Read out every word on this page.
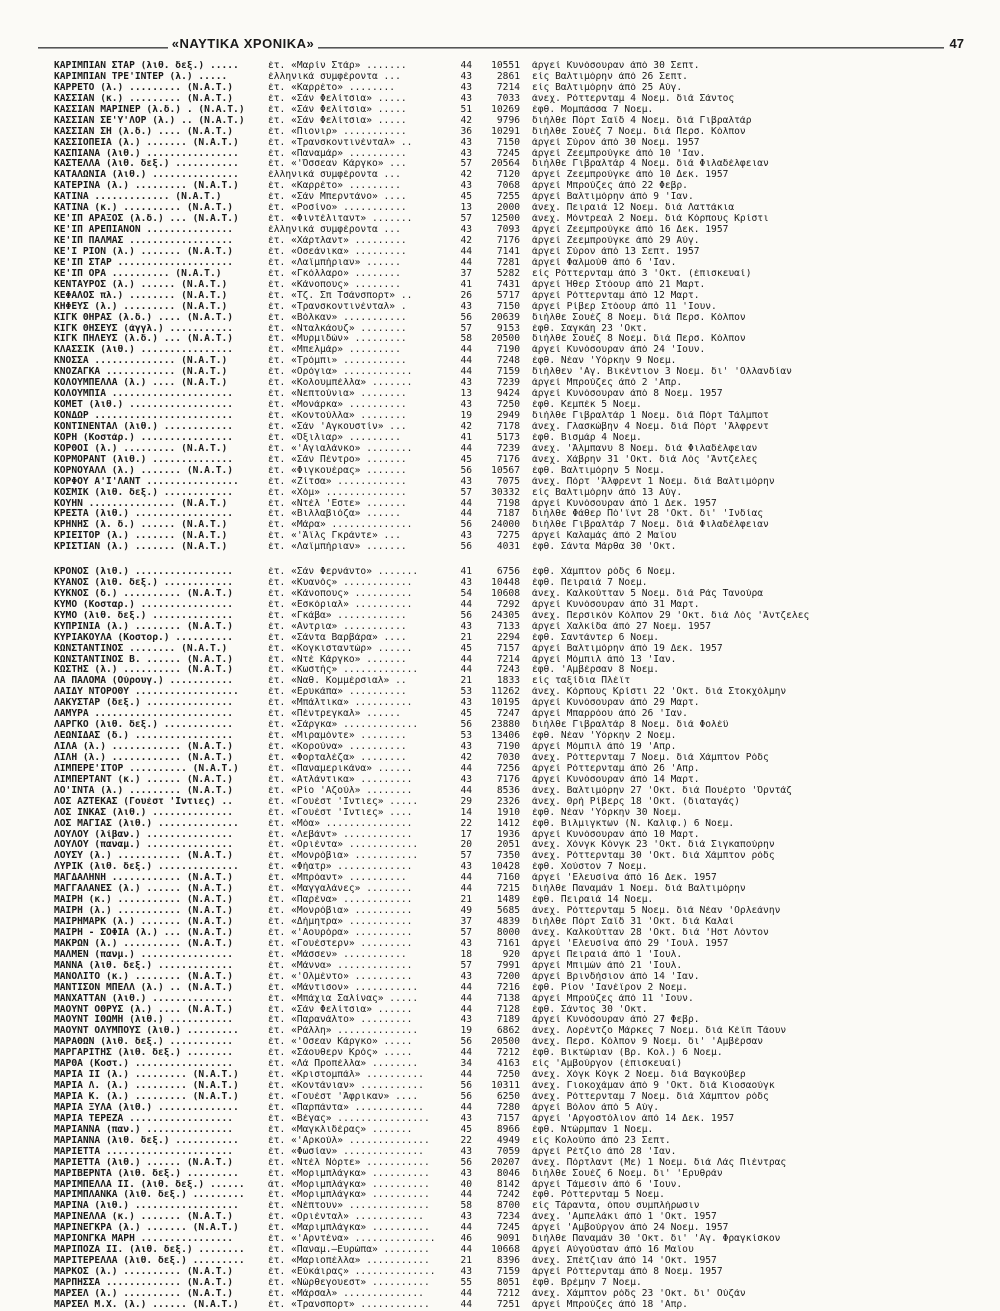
«ΝΑΥΤΙΚΑ ΧΡΟΝΙΚΑ»	47
ΚΑΡΙΜΠΙΑΝ ΣΤΑΡ (λιθ. δεξ.) .....	έτ. «Μαρίν Στάρ» .......	44	10551 άργεί Κυνόσουραν άπό 30 Σεπτ.
ΚΑΡΙΜΠΙΑΝ ΤΡΕ'ΪΝΤΕΡ (λ.) .....	έλληνικά συμφέροντα ...	43	2861 είς Βαλτιμόρην άπό 26 Σεπτ.
ΚΑΡΡΕΤΟ (λ.) ......... (N.A.T.)	έτ. «Καρρέτο» ........	43	7214 είς Βαλτιμόρην άπό 25 Αύγ.
ΚΑΣΣΙΑΝ (κ.) ......... (N.A.T.)	έτ. «Σάν Φελίτσια» .....	43	7033 άνεχ. Ρόττερνταμ 4 Νοεμ. διά Σάντος
ΚΑΣΣΙΑΝ ΜΑΡΙΝΕΡ (λ.δ.) . (N.A.T.)	έτ. «Σάν Φελίτσια» .....	51	10269 έφθ. Μομπάσσα 7 Νοεμ.
ΚΑΣΣΙΑΝ ΣΕ'Ϋ'ΛΟΡ (λ.) .. (N.A.T.)	έτ. «Σάν Φελίτσια» .....	42	9796 διήλθε Πόρτ Σαΐδ 4 Νοεμ. διά Γιβραλτάρ
ΚΑΣΣΙΑΝ ΣΗ (λ.δ.) .... (N.A.T.)	έτ. «Πιονιρ» ...........	36	10291 διήλθε Σουέζ 7 Νοεμ. διά Περσ. Κόλπον
ΚΑΣΣΙΟΠΕΙΑ (λ.) ....... (N.A.T.)	έτ. «Τρανσκοντινένταλ» ..	43	7150 άργεί Σύρον άπό 30 Νοεμ. 1957
ΚΑΣΠΙΑΝΑ (λιθ.) ................	έτ. «Παναμάρ» ..........	43	7245 άργεί Ζεεμπρούγκε άπό 10 'Ιαν.
ΚΑΣΤΕΛΛΑ (λιθ. δεξ.) ...........	έτ. «'Όσσεαν Κάργκο» ...	57	20564 διήλθε Γιβραλτάρ 4 Νοεμ. διά Φιλαδέλφειαν
ΚΑΤΑΛΩΝΙΑ (λιθ.) ...............	έλληνικά συμφέροντα ...	42	7120 άργεί Ζεεμπρούγκε άπό 10 Δεκ. 1957
ΚΑΤΕΡΙΝΑ (λ.) ......... (N.A.T.)	έτ. «Καρρέτο» .........	43	7068 άργεί Μπρούζες άπό 22 Φεβρ.
ΚΑΤΙΝΑ ............. (N.A.T.)	έτ. «Σάν Μπερντάνο» ....	45	7255 άργεί Βαλτιμόρην άπό 9 'Ιαν.
ΚΑΤΙΝΑ (κ.) .......... (N.A.T.)	έτ. «Ροσίνο» ...........	13	2000 άνεχ. Πειραιά 12 Νοεμ. διά Λαττάκια
ΚΕ'ΪΠ ΑΡΑΞΟΣ (λ.δ.) ... (N.A.T.)	έτ. «Φιντέλιταντ» .......	57	12500 άνεχ. Μόντρεαλ 2 Νοεμ. διά Κόρπους Κρίστι
ΚΕ'ΪΠ ΑΡΕΠΙΑΝΟΝ ...............	έλληνικά συμφέροντα ...	43	7093 άργεί Ζεεμπρούγκε άπό 16 Δεκ. 1957
ΚΕ'ΪΠ ΠΑΛΜΑΣ ..................	έτ. «Χάρτλαντ» .........	42	7176 άργεί Ζεεμπρούγκε άπό 29 Αύγ.
ΚΕ'Ϊ ΡΙΟΝ (λ.) ....... (N.A.T.)	έτ. «Οσεάνικα» .........	44	7141 άργεί Σύρον άπό 13 Σεπτ. 1957
ΚΕ'ΪΠ ΣΤΑΡ ....................	έτ. «Λαϊμπήριαν» ......	44	7281 άργεί Φαλμούθ άπό 6 'Ιαν.
ΚΕ'ΪΠ ΟΡΑ .......... (N.A.T.)	έτ. «Γκόλλαρο» ........	37	5282 είς Ρόττερνταμ άπό 3 'Οκτ. (έπισκευαί)
ΚΕΝΤΑΥΡΟΣ (λ.) ...... (N.A.T.)	έτ. «Κάνοπους» ........	41	7431 άργεί Ήθερ Στόουρ άπό 21 Μαρτ.
ΚΕΦΑΛΟΣ πλ.) ........ (N.A.T.)	έτ. «Τζ. Σπ Τσάνσπορτ» ..	26	5717 άργεί Ρόττερνταμ άπό 12 Μαρτ.
ΚΗΦΕΥΣ (λ.) ......... (N.A.T.)	έτ. «Τρανσκοντινένταλ» .	43	7150 άργεί Ρίβερ Στόουρ άπό 11 'Ιουν.
ΚΙΓΚ ΘΗΡΑΣ (λ.δ.) .... (N.A.T.)	έτ. «Βόλκαν» ...........	56	20639 διήλθε Σουέζ 8 Νοεμ. διά Περσ. Κόλπον
ΚΙΓΚ ΘΗΣΕΥΣ (άγγλ.) ...........	έτ. «Νταλκάουζ» ........	57	9153 έφθ. Σαγκάη 23 'Οκτ.
ΚΙΓΚ ΠΗΛΕΥΣ (λ.δ.) ... (N.A.T.)	έτ. «Μυρμιδών» .........	58	20500 διήλθε Σουέζ 8 Νοεμ. διά Περσ. Κόλπον
ΚΛΑΣΣΙΚ (λιθ.) ................	έτ. «Μπελμάρ» .........	44	7190 άργεί Κυνόσουραν άπό 24 'Ιουν.
ΚΝΟΣΣΑ .............. (N.A.T.)	έτ. «Τρόμπι» ...........	44	7248 έφθ. Νέαν 'Υόρκην 9 Νοεμ.
ΚΝΟΖΑΓΚΑ ............ (N.A.T.)	έτ. «Ορόγια» ............	44	7159 διήλθεν 'Αγ. Βικέντιον 3 Νοεμ. δι' 'Ολλανδίαν
ΚΟΛΟΥΜΠΕΛΛΑ (λ.) .... (N.A.T.)	έτ. «Κολουμπέλλα» .......	43	7239 άργεί Μπρούζες άπό 2 'Απρ.
ΚΟΛΟΥΜΠΙΑ .....................	έτ. «Νεπτούνια» ........	13	9424 άργεί Κυνόσουραν άπό 8 Νοεμ. 1957
ΚΟΜΕΤ (λιθ.) ..................	έτ. «Μονάρκα» ..........	43	7250 έφθ. Κεμπέκ 5 Νοεμ.
ΚΟΝΔΩΡ ........................	έτ. «Κοντούλλα» ........	19	2949 διήλθε Γιβραλτάρ 1 Νοεμ. διά Πόρτ Τάλμποτ
ΚΟΝΤΙΝΕΝΤΑΛ (λιθ.) ............	έτ. «Σάν 'Αγκουστίν» ...	42	7178 άνεχ. Γλασκώβην 4 Νοεμ. διά Πόρτ 'Άλφρεντ
ΚΟΡΗ (Κοστάρ.) ................	έτ. «Όξιλιαρ» .........	41	5173 έφθ. Βισμάρ 4 Νοεμ.
ΚΟΡΘΟΙ (λ.) ......... (N.A.T.)	έτ. «'Αγιαλάνκο» ........	44	7239 άνεχ. 'Άλμπανυ 8 Νοεμ. διά Φιλαδέλφειαν
ΚΟΡΜΟΡΑΝΤ (λιθ.) ..............	έτ. «Σάν Πέντρο» .......	45	7176 άνεχ. Χάβρην 31 'Οκτ. διά Λός 'Άντζελες
ΚΟΡΝΟΥΑΛΛ (λ.) ....... (N.A.T.)	έτ. «Φιγκουέρας» .......	56	10567 έφθ. Βαλτιμόρην 5 Νοεμ.
ΚΟΡΦΟΥ Α'Ϊ'ΛΑΝΤ ................	έτ. «Ζίτσα» ............	43	7075 άνεχ. Πόρτ 'Άλφρεντ 1 Νοεμ. διά Βαλτιμόρην
ΚΟΣΜΙΚ (λιθ. δεξ.) ............	έτ. «Χόμ» ..............	57	30332 είς Βαλτιμόρην άπό 13 Αύγ.
ΚΟΥΗΝ ............... (N.A.T.)	έτ. «Ντέλ 'Εστε» .......	44	7198 άργεί Κυνόσουραν άπό 1 Δεκ. 1957
ΚΡΕΣΤΑ (λιθ.) .................	έτ. «Βιλλαβιόζα» ......	44	7187 διήλθε Φάθερ Πό'ϊντ 28 'Οκτ. δι' 'Ινδίας
ΚΡΗΝΗΣ (λ. δ.) ...... (N.A.T.)	έτ. «Μάρα» ..............	56	24000 διήλθε Γιβραλτάρ 7 Νοεμ. διά Φιλαδέλφειαν
ΚΡΙΕΊΤΟΡ (λ.) ....... (N.A.T.)	έτ. «'Άϊλς Γκράντε» ...	43	7275 άργεί Καλαμάς άπό 2 Μαΐου
ΚΡΙΣΤΙΑΝ (λ.) ....... (N.A.T.)	έτ. «Λαϊμπήριαν» .......	56	4031 έφθ. Σάντα Μάρθα 30 'Οκτ.
ΚΡΟΝΟΣ (λιθ.) .................	έτ. «Σάν Φερνάντο» .......	41	6756 έφθ. Χάμπτον ρόδς 6 Νοεμ.
ΚΥΑΝΟΣ (λιθ. δεξ.) ............	έτ. «Κυανός» ............	43	10448 έφθ. Πειραιά 7 Νοεμ.
ΚΥΚΝΟΣ (δ.) .......... (N.A.T.)	έτ. «Κάνοπους» ..........	54	10608 άνεχ. Καλκούτταν 5 Νοεμ. διά Ράς Τανούρα
ΚΥΜΟ (Κοσταρ.) ................	έτ. «Εσκόριαλ» ..........	44	7292 άργεί Κυνόσουραν άπό 31 Μαρτ.
ΚΥΜΟ (λιθ. δεξ.) ..............	έτ. «Γκάβα» ............	56	24305 άνεχ. Περσικόν Κόλπον 29 'Οκτ. διά Λός 'Άντζελες
ΚΥΠΡΙΝΙΑ (λ.) ........ (N.A.T.)	έτ. «Αντρια» ...........	43	7133 άργεί Χαλκίδα άπό 27 Νοεμ. 1957
ΚΥΡΙΑΚΟΥΛΑ (Κοστορ.) ..........	έτ. «Σάντα Βαρβάρα» ....	21	2294 έφθ. Σαντάντερ 6 Νοεμ.
ΚΩΝΣΤΑΝΤΙΝΟΣ ........ (N.A.T.)	έτ. «Κογκισταντώρ» ......	45	7157 άργεί Βαλτιμόρην άπό 19 Δεκ. 1957
ΚΩΝΣΤΑΝΤΙΝΟΣ Β. ...... (N.A.T.)	έτ. «Ντέ Κάργκο» .......	44	7214 άργεί Μόμπιλ άπό 13 'Ιαν.
ΚΩΣΤΗΣ (λ.) .......... (N.A.T.)	έτ. «Κωστής» .............	44	7243 έφθ. 'Αμβέρσαν 8 Νοεμ.
ΛΑ ΠΑΛΟΜΑ (Ούρουγ.) ...........	έτ. «Ναθ. Κομμέρσιαλ» ..	21	1833 είς ταξίδια Πλέϊτ
ΛΑΙΔΥ ΝΤΟΡΟΘΥ ..................	έτ. «Ερυκάπα» ..........	53	11262 άνεχ. Κόρπους Κρίστι 22 'Οκτ. διά Στοκχόλμην
ΛΑΚΥΣΤΑΡ (δεξ.) ...............	έτ. «Μπάλτικα» ..........	43	10195 άργεί Κυνόσουραν άπό 29 Μαρτ.
ΛΑΜΥΡΑ ........................	έτ. «Πέντρεγκαλ» ......	45	7247 άργεί Μπαρρόου άπό 26 'Ιαν.
ΛΑΡΓΚΟ (λιθ. δεξ.) ............	έτ. «Σάργκα» .............	56	23880 διήλθε Γιβραλτάρ 8 Νοεμ. διά Φολέϋ
ΛΕΩΝΙΔΑΣ (δ.) .................	έτ. «Μιραμόντε» ........	53	13406 έφθ. Νέαν 'Υόρκην 2 Νοεμ.
ΛΙΛΑ (λ.) ............ (N.A.T.)	έτ. «Κορούνα» ..........	43	7190 άργεί Μόμπιλ άπό 19 'Απρ.
ΛΙΛΗ (λ.) ............ (N.A.T.)	έτ. «Φορταλέζα» ........	42	7030 άνεχ. Ρόττερνταμ 7 Νοεμ. διά Χάμπτον Ρόδς
ΛΙΜΠΕΡΕ'ΪΤΟΡ .......... (N.A.T.)	έτ. «Παναμερικάνα» ......	44	7256 άργεί Ρόττερνταμ άπό 26 'Απρ.
ΛΙΜΠΕΡΤΑΝΤ (κ.) ...... (N.A.T.)	έτ. «Ατλάντικα» .........	43	7176 άργεί Κυνόσουραν άπό 14 Μαρτ.
ΛΟ'ΪΝΤΑ (λ.) ......... (N.A.T.)	έτ. «Ρίο 'Αζούλ» ........	44	8536 άνεχ. Βαλτιμόρην 27 'Οκτ. διά Πουέρτο 'Όρντάζ
ΛΟΣ ΑΖΤΕΚΑΣ (Γουέστ 'Ιντιες) ..	έτ. «Γουέστ 'Ιντιες» .....	29	2326 άνεχ. Θρή Ρίβερς 18 'Οκτ. (διαταγάς)
ΛΟΣ ΙΝΚΑΣ (λιθ.) ..............	έτ. «Γουέστ 'Ιντιες» ....	14	1910 έφθ. Νέαν 'Υόρκην 30 Νοεμ.
ΛΟΣ ΜΑΓΙΑΣ (λιθ.) ..............	έτ. «Μόα» ...............	22	1412 έφθ. Βιλμιγκτων (Ν. Καλιφ.) 6 Νοεμ.
ΛΟΥΛΟΥ (λίβαν.) ...............	έτ. «Λεβάντ» ............	17	1936 άργεί Κυνόσουραν άπό 10 Μαρτ.
ΛΟΥΛΟΥ (παναμ.) ...............	έτ. «Οριέντα» ............	20	2051 άνεχ. Χόνγκ Κόνγκ 23 'Οκτ. διά Σιγκαπούρην
ΛΟΥΣΥ (λ.) ........... (N.A.T.)	έτ. «Μονρόβια» ...........	57	7350 άνεχ. Ρόττερνταμ 30 'Οκτ. διά Χάμπτον ρόδς
ΛΥΡΙΚ (λιθ. δεξ.) ..............	έτ. «Φήατρ» .............	43	10428 έφθ. Χούστον 7 Νοεμ.
ΜΑΓΔΑΛΗΝΗ ............ (N.A.T.)	έτ. «Μπρόαντ» ..........	44	7160 άργεί 'Ελευσίνα άπό 16 Δεκ. 1957
ΜΑΓΓΑΛΑΝΕΣ (λ.) ...... (N.A.T.)	έτ. «Μαγγαλάνες» ........	44	7215 διήλθε Παναμάν 1 Νοεμ. διά Βαλτιμόρην
ΜΑΙΡΗ (κ.) ........... (N.A.T.)	έτ. «Παρένα» ............	21	1489 έφθ. Πειραιά 14 Νοεμ.
ΜΑΙΡΗ (λ.) ........... (N.A.T.)	έτ. «Μονρόβια» ..........	49	5685 άνεχ. Ρόττερνταμ 5 Νοεμ. διά Νέαν 'Ορλεάνην
ΜΑΙΡΗΜΑΡΚ (λ.) ....... (N.A.T.)	έτ. «Δήμητρα» ...........	37	4839 διήλθε Πόρτ Σαΐδ 31 'Οκτ. διά Καλαί
ΜΑΙΡΗ - ΣΟΦΙΑ (λ.) ... (N.A.T.)	έτ. «'Αουρόρα» ..........	57	8000 άνεχ. Καλκούτταν 28 'Οκτ. διά 'Ηστ Λόντον
ΜΑΚΡΩΝ (λ.) .......... (N.A.T.)	έτ. «Γουέστερν» .........	43	7161 άργεί 'Ελευσίνα άπό 29 'Ιουλ. 1957
ΜΑΛΜΕΝ (πανμ.) ................	έτ. «Μάσσεν» ...........	18	920 άργεί Πειραιά άπό 1 'Ιουλ.
ΜΑΝΝΑ (λιθ. δεξ.) .............	έτ. «Μάννα» .............	57	7991 άργεί Μπιμών άπό 21 'Ιουλ.
ΜΑΝΟΛΙΤΟ (κ.) ........ (N.A.T.)	έτ. «'Ολμέντο» ..........	43	7200 άργεί Βρινδήσιον άπό 14 'Ιαν.
ΜΑΝΤΙΣΟΝ ΜΠΕΛΛ (λ.) .. (N.A.T.)	έτ. «Μάντισον» ...........	44	7216 έφθ. Ρίον 'Ιανέϊρον 2 Νοεμ.
ΜΑΝΧΑΤΤΑΝ (λιθ.) ..............	έτ. «Μπάχια Σαλίνας» .....	44	7138 άργεί Μπρούζες άπό 11 'Ιουν.
ΜΑΟΥΝΤ ΟΘΡΥΣ (λ.) .... (N.A.T.)	έτ. «Σάν Φελίτσια» ......	44	7128 έφθ. Σάντος 30 'Οκτ.
ΜΑΟΥΝΤ ΙΘΩΜΗ (λιθ.) ...........	έτ. «Παρανάλτο» .........	43	7189 άργεί Κυνόσουραν άπό 27 Φεβρ.
ΜΑΟΥΝΤ ΟΛΥΜΠΟΥΣ (λιθ.) .........	έτ. «Ράλλη» ..............	19	6862 άνεχ. Λορέντζο Μάρκες 7 Νοεμ. διά Κέϊπ Τάουν
ΜΑΡΑΘΩΝ (λιθ. δεξ.) ...........	έτ. «'Οσεαν Κάργκο» .....	56	20500 άνεχ. Περσ. Κόλπον 9 Νοεμ. δι' 'Αμβέρσαν
ΜΑΡΓΑΡΙΤΗΣ (λιθ. δεξ.) ........	έτ. «Σάουθερν Κρός» .....	44	7212 έφθ. Βικτώριαν (Βρ. Κολ.) 6 Νοεμ.
ΜΑΡΘΑ (Κοστ.) .................	έτ. «Λά Προπέλλα» ........	34	4163 είς 'Αμβούργον (έπισκευαί)
ΜΑΡΙΑ ΙΙ (λ.) ......... (N.A.T.)	έτ. «Κριστομπάλ» ..........	44	7250 άνεχ. Χόγκ Κόγκ 2 Νοεμ. διά Βαγκούβερ
ΜΑΡΙΑ Λ. (λ.) ......... (N.A.T.)	έτ. «Κοντάνιαν» ...........	56	10311 άνεχ. Γιοκοχάμαν άπό 9 'Οκτ. διά Κιοσαούγκ
ΜΑΡΙΑ Κ. (λ.) ......... (N.A.T.)	έτ. «Γουέστ 'Άφρικαν» ....	56	6250 άνεχ. Ρόττερνταμ 7 Νοεμ. διά Χάμπτον ρόδς
ΜΑΡΙΑ ΞΥΛΑ (λιθ.) ..............	έτ. «Παρπάντα» ............	44	7280 άργεί Βόλον άπό 5 Αύγ.
ΜΑΡΙΑ ΤΕΡΕΖΑ ..................	έτ. «Βέγας» ................	43	7157 άργεί 'Αργοστόλιον άπό 14 Δεκ. 1957
ΜΑΡΙΑΝΝΑ (παν.) ...............	έτ. «Μαγκλιδέρας» .......	45	8966 έφθ. Ντώρμπαν 1 Νοεμ.
ΜΑΡΙΑΝΝΑ (λιθ. δεξ.) ...........	έτ. «'Αρκούλ» ..............	22	4949 είς Κολούπο άπό 23 Σεπτ.
ΜΑΡΙΕΤΤΑ ......................	έτ. «Φωσίαν» ..............	43	7059 άργεί Ρέτζιο άπό 28 'Ιαν.
ΜΑΡΙΕΤΤΑ (λιθ.) ...... (N.A.T.)	έτ. «Ντέλ Νόρτε» ...........	56	20207 άνεχ. Πόρτλαντ (Με) 1 Νοεμ. διά Λάς Πιέντρας
ΜΑΡΙΒΕΡΝΤΑ (λιθ. δεξ.) .........	έτ. «Μοριμπλάγκα» ..........	43	8046 διήλθε Σουέζ 6 Νοεμ. δι' 'Ερυθράν
ΜΑΡΙΜΠΕΛΛΑ ΙΙ. (λιθ. δεξ.) ......	άτ. «Μοριμπλάγκα» ..........	40	8142 άργεί Τάμεσιν άπό 6 'Ιουν.
ΜΑΡΙΜΠΛΑΝΚΑ (λιθ. δεξ.) .........	έτ. «Μοριμπλάγκα» ..........	44	7242 έφθ. Ρόττερνταμ 5 Νοεμ.
ΜΑΡΙΝΑ (λιθ.) ..................	έτ. «Νέπτουν» ..............	58	8700 είς Τάραντα, όπου συμπλήρωσιν
ΜΑΡΙΝΕΛΛΑ (κ.) ....... (N.A.T.)	έτ. «Οριένταλ» ............	43	7234 άνεχ. 'Αμπελάκι άπό 1 'Οκτ. 1957
ΜΑΡΙΝΕΓΚΡΑ (λ.) ....... (N.A.T.)	έτ. «Μαριμπλάγκα» ..........	44	7245 άργεί 'Αμβούργον άπό 24 Νοεμ. 1957
ΜΑΡΙΟΝΓΚΑ ΜΑΡΗ ................	έτ. «'Αρντένα» ..............	46	9091 διήλθε Παναμάν 30 'Οκτ. δι' 'Αγ. Φραγκίσκον
ΜΑΡΙΠΟΖΑ ΙΙ. (λιθ. δεξ.) ........	έτ. «Παναμ.—Ευρώπα» ........	44	10668 άργεί Αύγούσταν άπό 16 Μαΐου
ΜΑΡΙΤΕΡΕΛΛΑ (λιθ. δεξ.) .........	έτ. «Μαριοπέλλα» ...........	21	8396 άνεχ. Σπέτζιαν άπό 14 'Οκτ. 1957
ΜΑΡΚΟΣ (λ.) .......... (N.A.T.)	έτ. «Εύκάιρας» ..............	43	7159 άργεί Ρόττερνταμ άπό 8 Νοεμ. 1957
ΜΑΡΠΗΣΣΑ ............. (N.A.T.)	έτ. «Νώρθεγουεστ» ..........	55	8051 έφθ. Βρέμην 7 Νοεμ.
ΜΑΡΣΕΛ (λ.) .......... (N.A.T.)	έτ. «Μάρσαλ» ..............	44	7212 άνεχ. Χάμπτον ρόδς 23 'Οκτ. δι' Ούζάν
ΜΑΡΣΕΛ Μ.Χ. (λ.) ...... (N.A.T.)	έτ. «Τρανσπορτ» ............	44	7251 άργεί Μπρούζες άπό 18 'Απρ.
